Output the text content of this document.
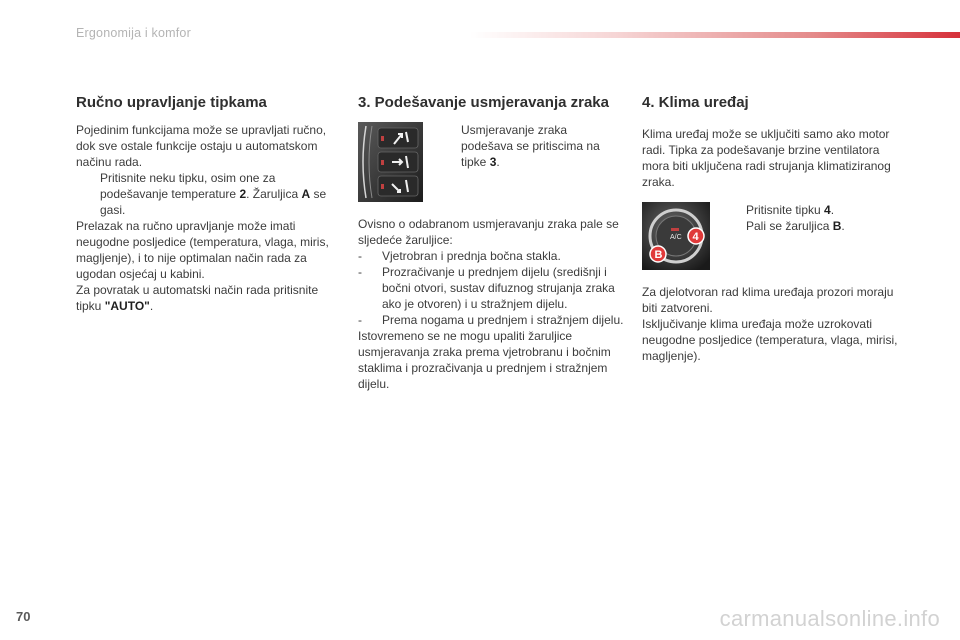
Ergonomija i komfor
Ručno upravljanje tipkama

Pojedinim funkcijama može se upravljati ručno, dok sve ostale funkcije ostaju u automatskom načinu rada.

Pritisnite neku tipku, osim one za podešavanje temperature 2. Žaruljica A se gasi.

Prelazak na ručno upravljanje može imati neugodne posljedice (temperatura, vlaga, miris, magljenje), i to nije optimalan način rada za ugodan osjećaj u kabini.

Za povratak u automatski način rada pritisnite tipku "AUTO".

3. Podešavanje usmjeravanja zraka
Usmjeravanje zraka podešava se pritiscima na tipke 3.

Ovisno o odabranom usmjeravanju zraka pale se sljedeće žaruljice:

-	Vjetrobran i prednja bočna stakla.
-	Prozračivanje u prednjem dijelu (središnji i bočni otvori, sustav difuznog strujanja zraka ako je otvoren) i u stražnjem dijelu.
-	Prema nogama u prednjem i stražnjem dijelu.

Istovremeno se ne mogu upaliti žaruljice usmjeravanja zraka prema vjetrobranu i bočnim staklima i prozračivanja u prednjem i stražnjem dijelu.

4. Klima uređaj

Klima uređaj može se uključiti samo ako motor radi. Tipka za podešavanje brzine ventilatora mora biti uključena radi strujanja klimatiziranog zraka.

A/C
B
4
Pritisnite tipku 4.
Pali se žaruljica B.

Za djelotvoran rad klima uređaja prozori moraju biti zatvoreni.

Isključivanje klima uređaja može uzrokovati neugodne posljedice (temperatura, vlaga, mirisi, magljenje).

70	carmanualsonline.info
